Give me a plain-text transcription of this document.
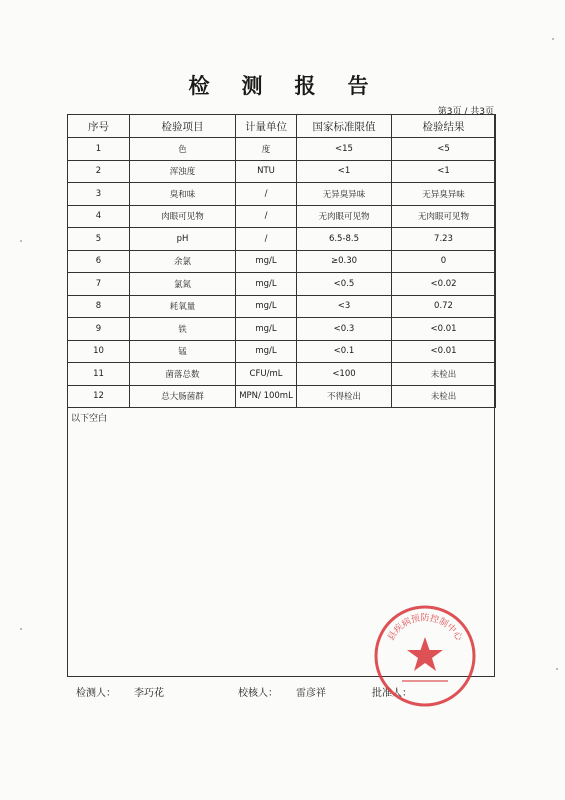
检 测 报 告
第3页 / 共3页
序号	检验项目	计量单位	国家标准限值	检验结果
1	色	度	<15	<5
2	浑浊度	NTU	<1	<1
3	臭和味	/	无异臭异味	无异臭异味
4	肉眼可见物	/	无肉眼可见物	无肉眼可见物
5	pH	/	6.5-8.5	7.23
6	余氯	mg/L	≥0.30	0
7	氯氮	mg/L	<0.5	<0.02
8	耗氧量	mg/L	<3	0.72
9	铁	mg/L	<0.3	<0.01
10	锰	mg/L	<0.1	<0.01
11	菌落总数	CFU/mL	<100	未检出
12	总大肠菌群	MPN/ 100mL	不得检出	未检出
以下空白
检测人： 李巧花	校核人： 雷彦祥	批准人：
县疾病预防控制中心
